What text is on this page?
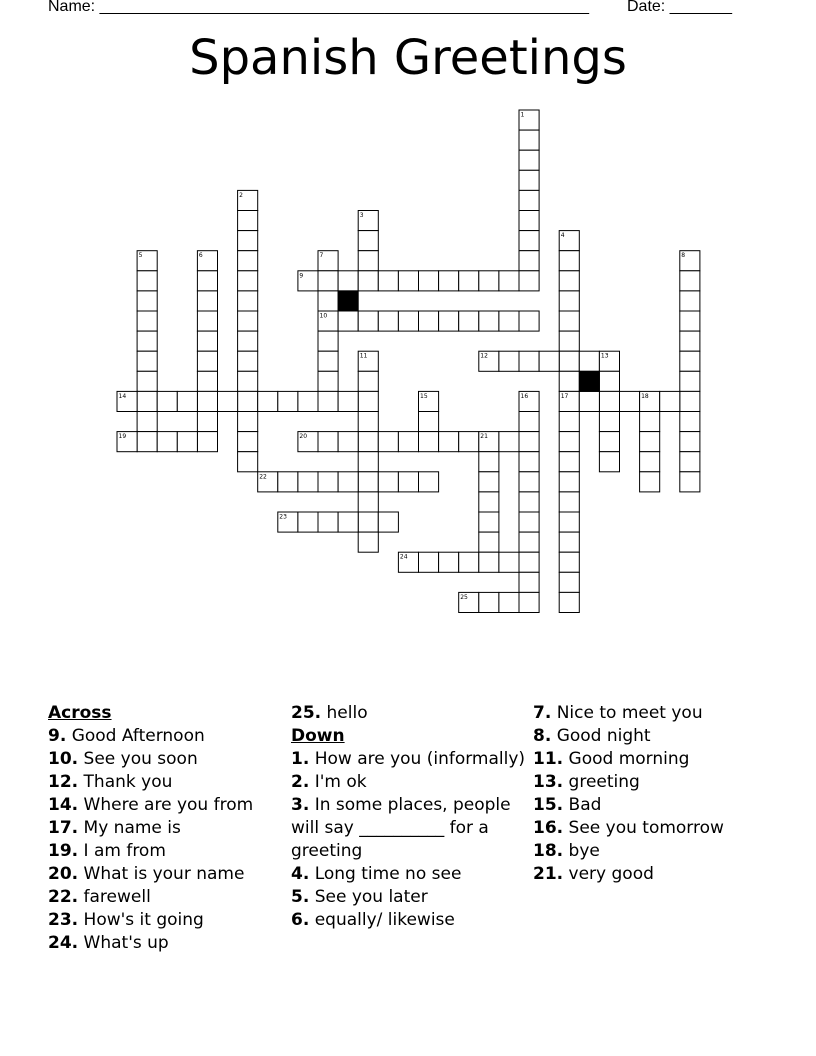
Name: _______________________________________________________ Date: _______
Spanish Greetings
1
2
3
4
5	6	7	8
9
10
11	12	13
14	15	16	17	18
19	20	21
22
23
24
25
Across
9. Good Afternoon
10. See you soon
12. Thank you
14. Where are you from
17. My name is
19. I am from
20. What is your name
22. farewell
23. How's it going
24. What's up
25. hello
Down
1. How are you (informally)
2. I'm ok
3. In some places, people will say __________ for a greeting
4. Long time no see
5. See you later
6. equally/ likewise
7. Nice to meet you
8. Good night
11. Good morning
13. greeting
15. Bad
16. See you tomorrow
18. bye
21. very good
